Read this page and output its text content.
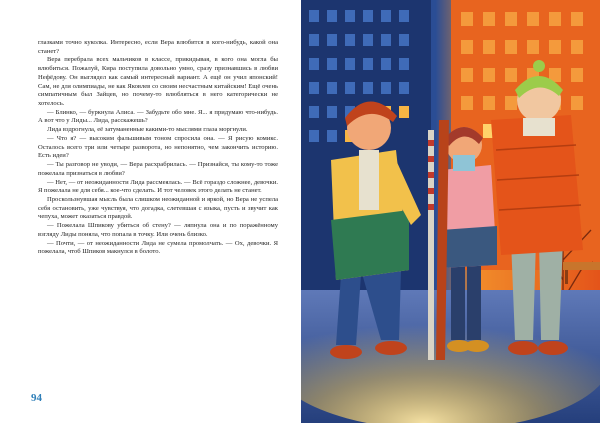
глазками точно куколка. Интересно, если Вера влюбится в кого-нибудь, какой она станет?

Вера перебрала всех мальчиков в классе, прикидывая, в кого она могла бы влюбиться. Пожалуй, Кира поступила довольно умно, сразу признавшись в любви Нефёдову. Он выглядел как самый интересный вариант. А ещё он учил японский! Сам, не для олимпиады, не как Яковлев со своим несчастным китайским! Ещё очень симпатичным был Зайцев, но почему-то влюбляться в него категорически не хотелось.

— Блинко, — буркнула Алиса. — Забудьте обо мне. Я... я придумаю что-нибудь. А вот что у Лиды... Лида, расскажешь?

Лида вздрогнула, её затуманенные какими-то мыслями глаза моргнули.

— Что я? — высоким фальшивым тоном спросила она. — Я рисую комикс. Осталось всего три или четыре разворота, но непонятно, чем закончить историю. Есть идеи?

— Ты разговор не уводи, — Вера расхрабрилась. — Признайся, ты кому-то тоже пожелала признаться в любви?

— Нет, — от неожиданности Лида рассмеялась. — Всё гораздо сложнее, девочки. Я пожелала не для себя... кое-что сделать. И тот человек этого делать не станет.

Проскользнувшая мысль была слишком неожиданной и яркой, но Вера не успела себя остановить, уже чувствуя, что догадка, слетевшая с языка, пусть и звучит как чепуха, может оказаться правдой.

— Пожелала Шпикову убиться об стену? — ляпнула она и по поражённому взгляду Лиды поняла, что попала в точку. Или очень близко.

— Почти, — от неожиданности Лида не сумела промолчать. — Ох, девочки. Я пожелала, чтоб Шпиков макнулся в болото.

94
